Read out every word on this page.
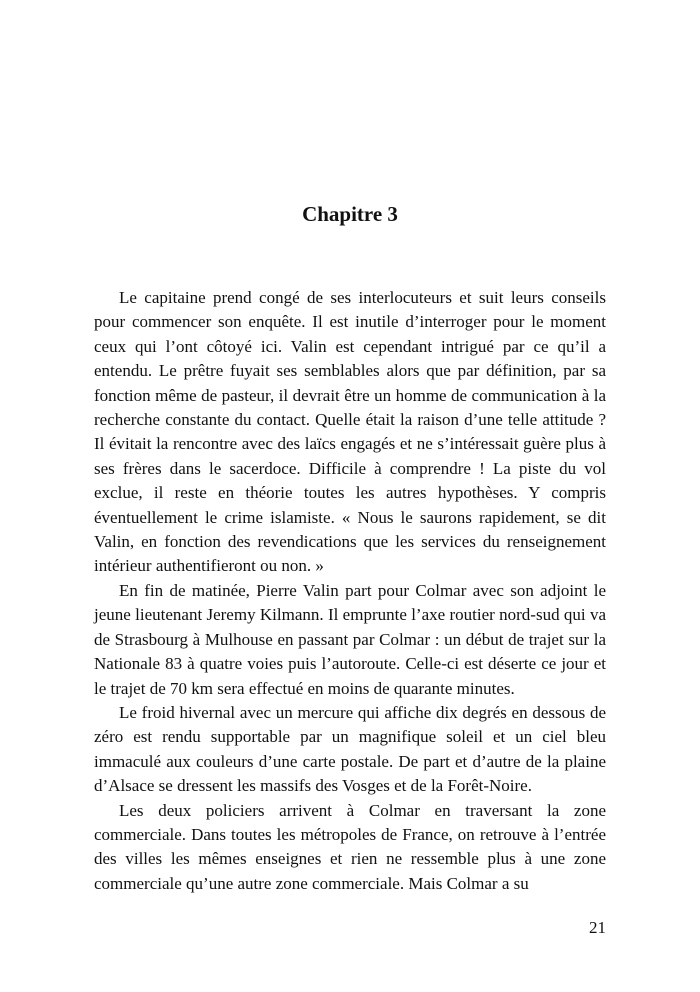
Chapitre 3

Le capitaine prend congé de ses interlocuteurs et suit leurs conseils pour commencer son enquête. Il est inutile d’interroger pour le moment ceux qui l’ont côtoyé ici. Valin est cependant intrigué par ce qu’il a entendu. Le prêtre fuyait ses semblables alors que par définition, par sa fonction même de pasteur, il devrait être un homme de communication à la recherche constante du contact. Quelle était la raison d’une telle attitude ? Il évitait la rencontre avec des laïcs engagés et ne s’intéressait guère plus à ses frères dans le sacerdoce. Difficile à comprendre ! La piste du vol exclue, il reste en théorie toutes les autres hypothèses. Y compris éventuellement le crime islamiste. « Nous le saurons rapidement, se dit Valin, en fonction des revendications que les services du renseignement intérieur authentifieront ou non. »

En fin de matinée, Pierre Valin part pour Colmar avec son adjoint le jeune lieutenant Jeremy Kilmann. Il emprunte l’axe routier nord-sud qui va de Strasbourg à Mulhouse en passant par Colmar : un début de trajet sur la Nationale 83 à quatre voies puis l’autoroute. Celle-ci est déserte ce jour et le trajet de 70 km sera effectué en moins de quarante minutes.

Le froid hivernal avec un mercure qui affiche dix degrés en dessous de zéro est rendu supportable par un magnifique soleil et un ciel bleu immaculé aux couleurs d’une carte postale. De part et d’autre de la plaine d’Alsace se dressent les massifs des Vosges et de la Forêt-Noire.

Les deux policiers arrivent à Colmar en traversant la zone commerciale. Dans toutes les métropoles de France, on retrouve à l’entrée des villes les mêmes enseignes et rien ne ressemble plus à une zone commerciale qu’une autre zone commerciale. Mais Colmar a su

21
